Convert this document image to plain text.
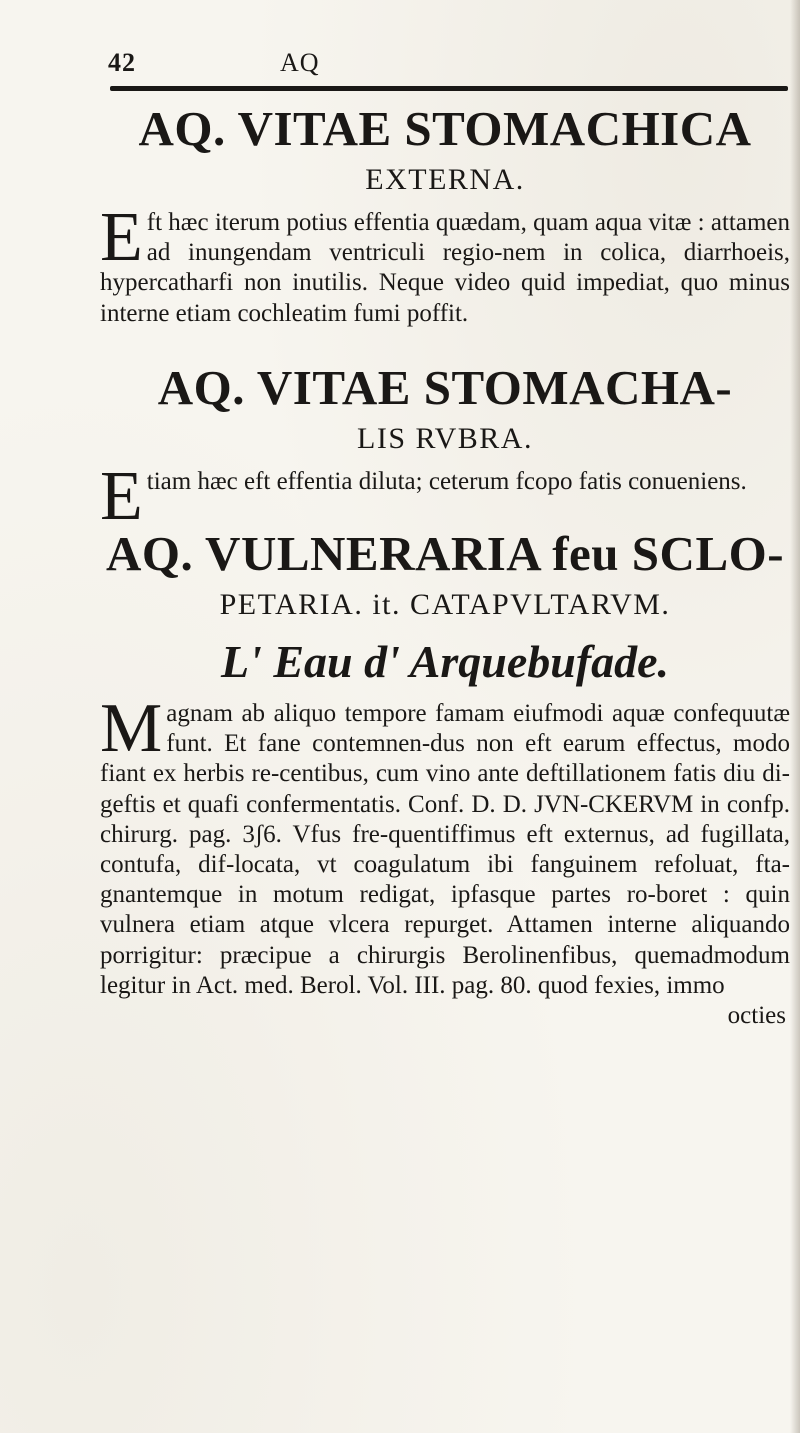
42	AQ
AQ. VITAE STOMACHICA
EXTERNA.

Eft hæc iterum potius effentia quædam, quam aqua vitæ : attamen ad inungendam ventriculi regio-nem in colica, diarrhoeis, hypercatharfi non inutilis. Neque video quid impediat, quo minus interne etiam cochleatim fumi poffit.

AQ. VITAE STOMACHA-
LIS RVBRA.

Etiam hæc eft effentia diluta; ceterum fcopo fatis conueniens.

AQ. VULNERARIA feu SCLO-
PETARIA. it. CATAPVLTARVM.
L' Eau d' Arquebufade.

Magnam ab aliquo tempore famam eiufmodi aquæ confequutæ funt. Et fane contemnen-dus non eft earum effectus, modo fiant ex herbis re-centibus, cum vino ante deftillationem fatis diu di-geftis et quafi confermentatis. Conf. D. D. JVN-CKERVM in confp. chirurg. pag. 3ʃ6. Vfus fre-quentiffimus eft externus, ad fugillata, contufa, dif-locata, vt coagulatum ibi fanguinem refoluat, fta-gnantemque in motum redigat, ipfasque partes ro-boret : quin vulnera etiam atque vlcera repurget. Attamen interne aliquando porrigitur: præcipue a chirurgis Berolinenfibus, quemadmodum legitur in Act. med. Berol. Vol. III. pag. 80. quod fexies, immo

octies
